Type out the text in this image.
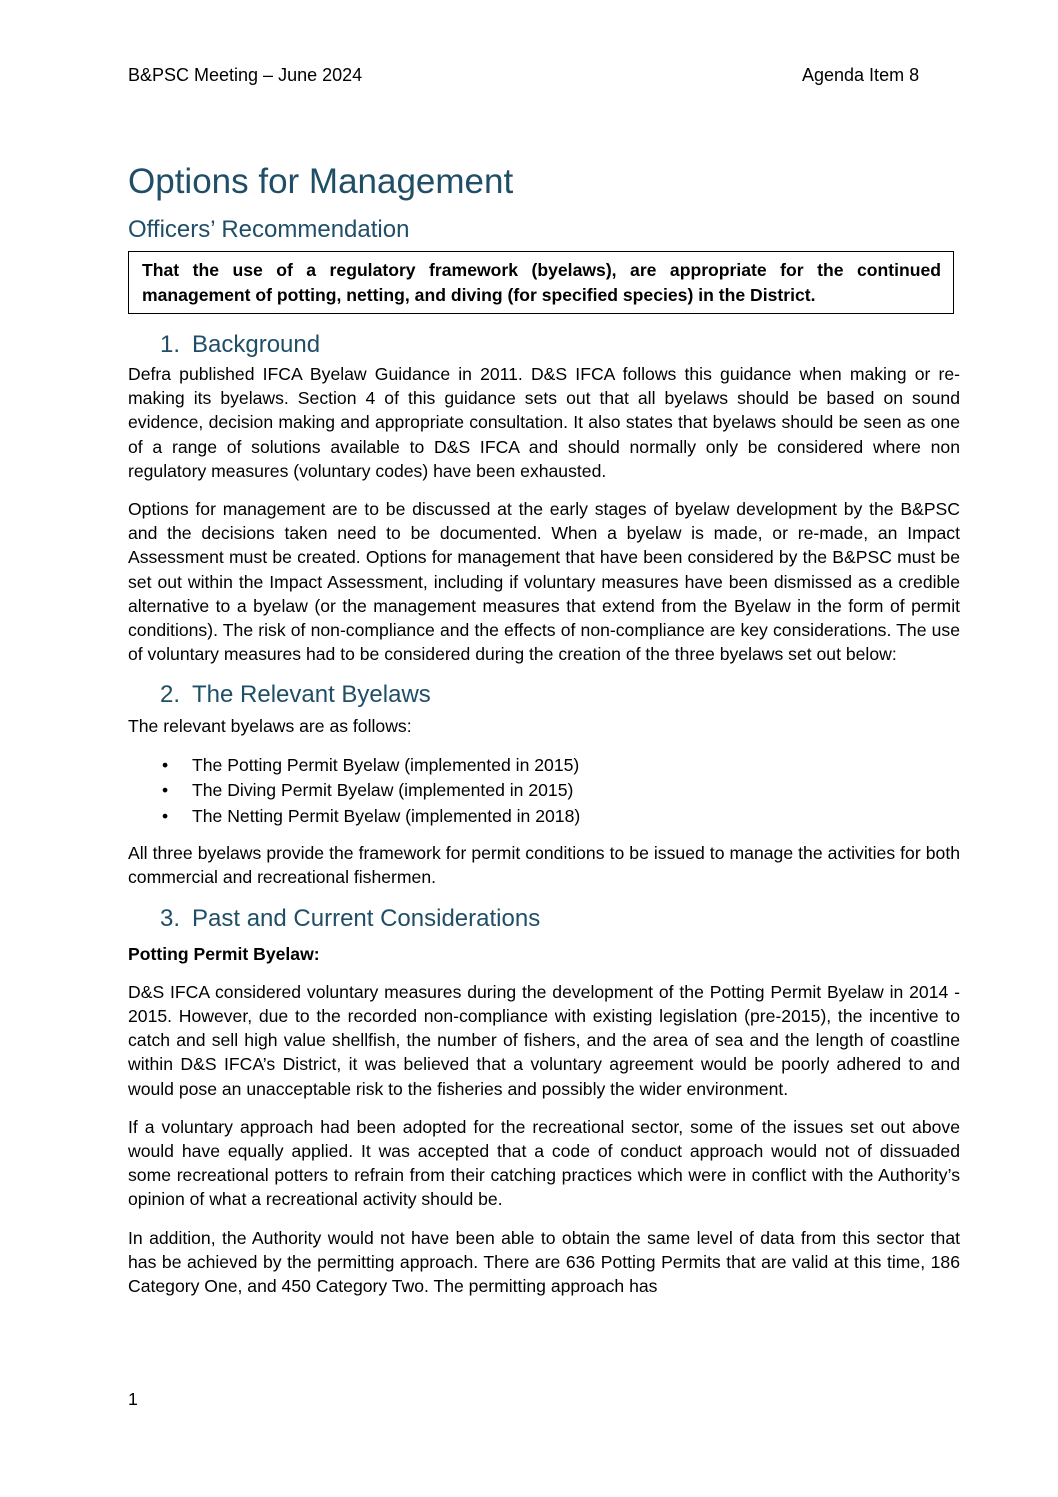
B&PSC Meeting – June 2024	Agenda Item 8
Options for Management
Officers’ Recommendation
That the use of a regulatory framework (byelaws), are appropriate for the continued management of potting, netting, and diving (for specified species) in the District.
1. Background

Defra published IFCA Byelaw Guidance in 2011. D&S IFCA follows this guidance when making or re-making its byelaws. Section 4 of this guidance sets out that all byelaws should be based on sound evidence, decision making and appropriate consultation. It also states that byelaws should be seen as one of a range of solutions available to D&S IFCA and should normally only be considered where non regulatory measures (voluntary codes) have been exhausted.

Options for management are to be discussed at the early stages of byelaw development by the B&PSC and the decisions taken need to be documented. When a byelaw is made, or re-made, an Impact Assessment must be created. Options for management that have been considered by the B&PSC must be set out within the Impact Assessment, including if voluntary measures have been dismissed as a credible alternative to a byelaw (or the management measures that extend from the Byelaw in the form of permit conditions). The risk of non-compliance and the effects of non-compliance are key considerations. The use of voluntary measures had to be considered during the creation of the three byelaws set out below:

2. The Relevant Byelaws

The relevant byelaws are as follows:

• The Potting Permit Byelaw (implemented in 2015)
• The Diving Permit Byelaw (implemented in 2015)
• The Netting Permit Byelaw (implemented in 2018)

All three byelaws provide the framework for permit conditions to be issued to manage the activities for both commercial and recreational fishermen.

3. Past and Current Considerations

Potting Permit Byelaw:

D&S IFCA considered voluntary measures during the development of the Potting Permit Byelaw in 2014 - 2015. However, due to the recorded non-compliance with existing legislation (pre-2015), the incentive to catch and sell high value shellfish, the number of fishers, and the area of sea and the length of coastline within D&S IFCA’s District, it was believed that a voluntary agreement would be poorly adhered to and would pose an unacceptable risk to the fisheries and possibly the wider environment.

If a voluntary approach had been adopted for the recreational sector, some of the issues set out above would have equally applied. It was accepted that a code of conduct approach would not of dissuaded some recreational potters to refrain from their catching practices which were in conflict with the Authority’s opinion of what a recreational activity should be.

In addition, the Authority would not have been able to obtain the same level of data from this sector that has be achieved by the permitting approach. There are 636 Potting Permits that are valid at this time, 186 Category One, and 450 Category Two. The permitting approach has

1
